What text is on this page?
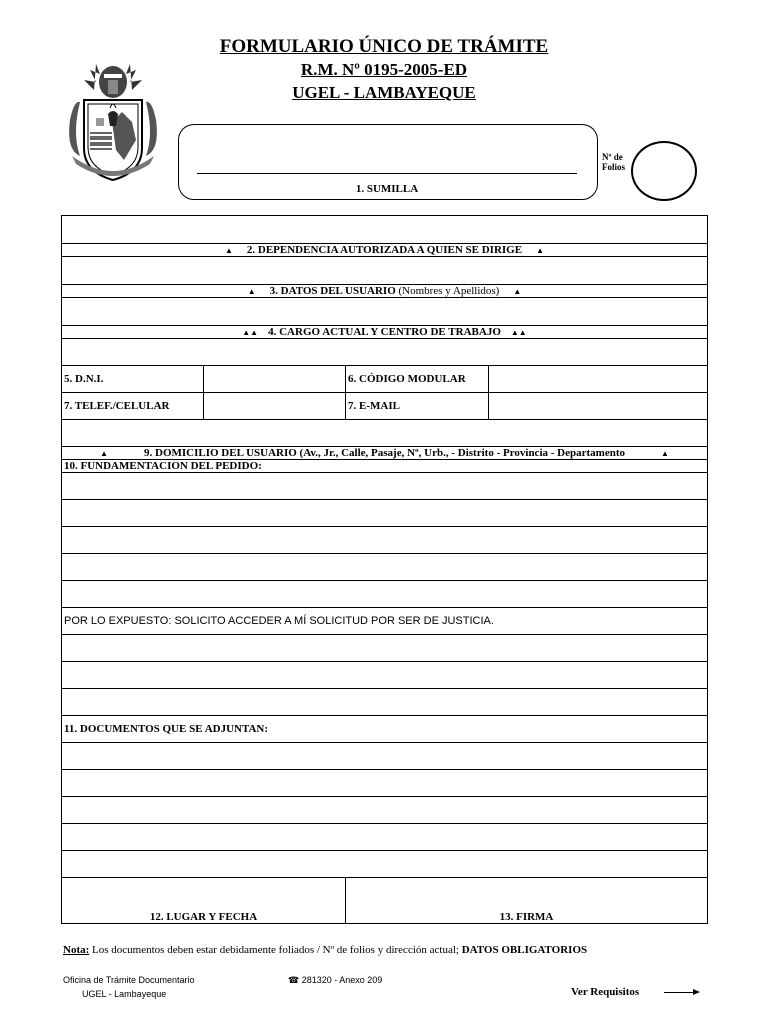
FORMULARIO ÚNICO DE TRÁMITE
R.M. Nº 0195-2005-ED
UGEL - LAMBAYEQUE
1. SUMILLA
Nº de
Folios

▲ 2. DEPENDENCIA AUTORIZADA A QUIEN SE DIRIGE ▲			

▲ 3. DATOS DEL USUARIO (Nombres y Apellidos) ▲			

▲▲ 4. CARGO ACTUAL Y CENTRO DE TRABAJO ▲▲			

5. D.N.I.		6. CÓDIGO MODULAR	
7. TELEF./CELULAR		7. E-MAIL	

▲ 9. DOMICILIO DEL USUARIO (Av., Jr., Calle, Pasaje, Nº, Urb., - Distrito - Provincia - Departamento ▲			
10. FUNDAMENTACION DEL PEDIDO:			

POR LO EXPUESTO: SOLICITO ACCEDER A MÍ SOLICITUD POR SER DE JUSTICIA.			

11. DOCUMENTOS QUE SE ADJUNTAN:			

12. LUGAR Y FECHA		13. FIRMA	
Nota: Los documentos deben estar debidamente foliados / Nº de folios y dirección actual; DATOS OBLIGATORIOS
Oficina de Trámite Documentario
UGEL - Lambayeque
☎ 281320 - Anexo 209
Ver Requisitos
